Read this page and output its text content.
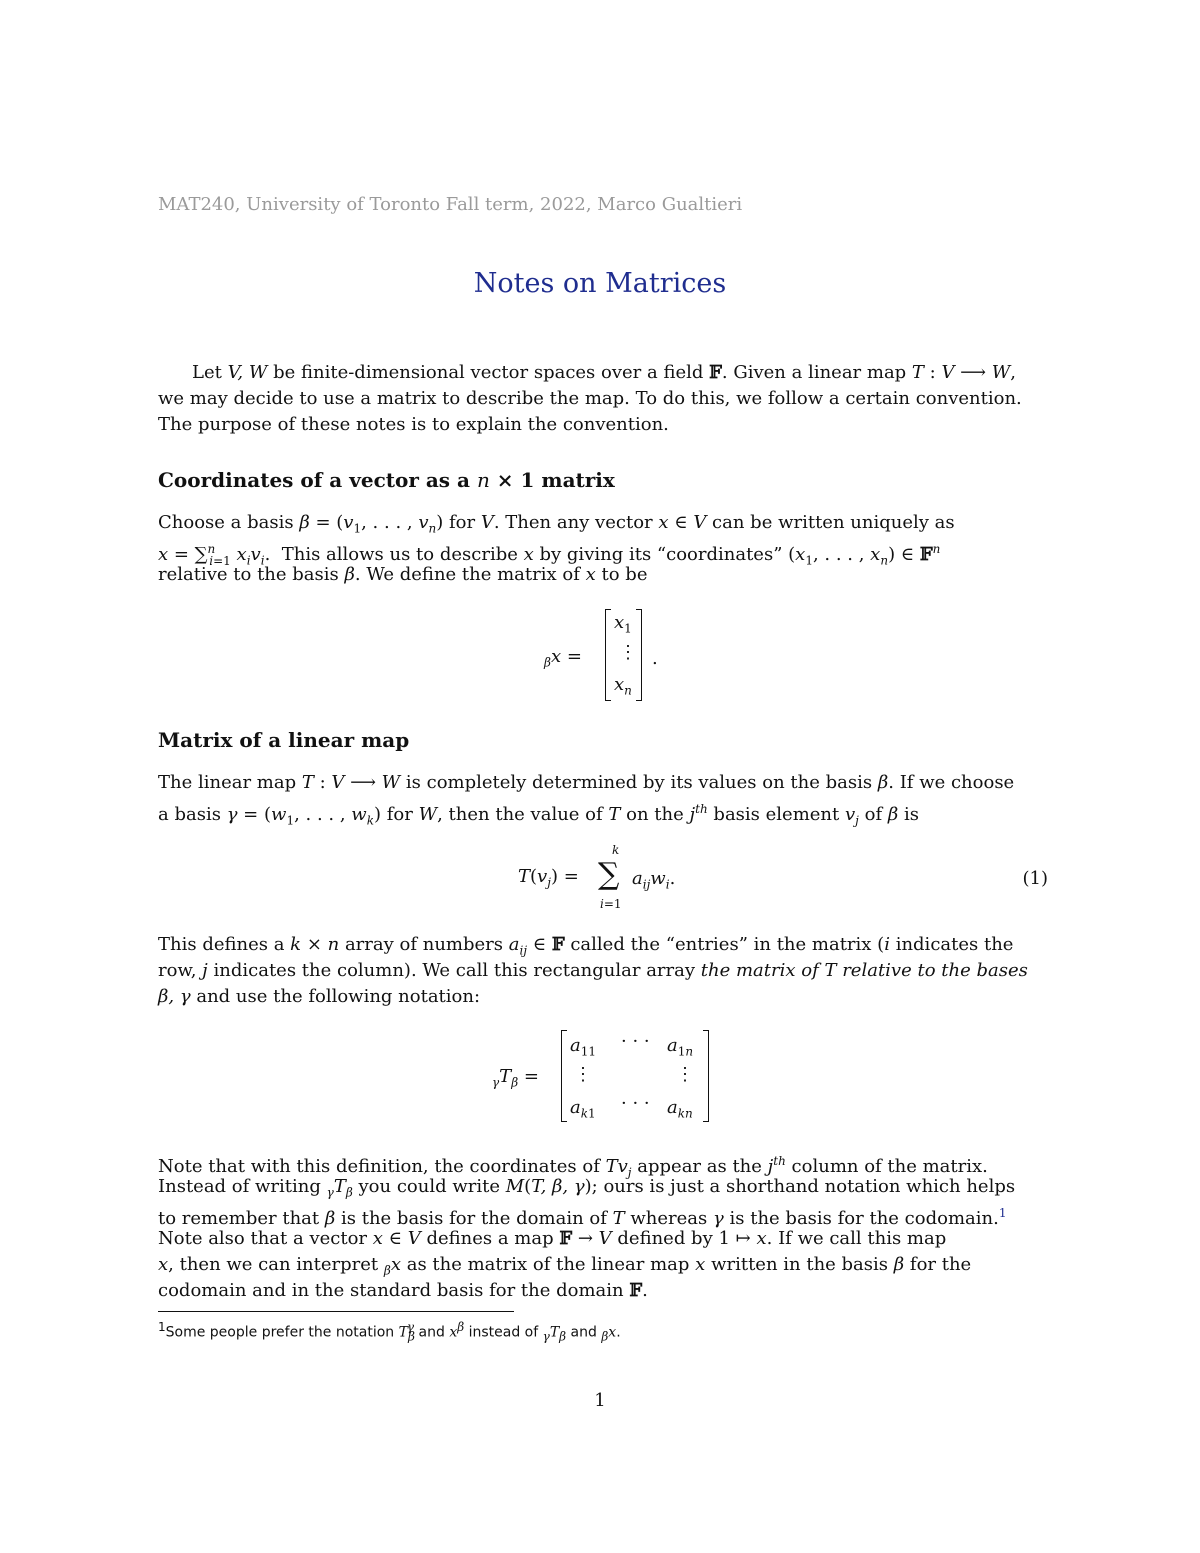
MAT240, University of Toronto Fall term, 2022, Marco Gualtieri
Notes on Matrices
Let V, W be finite-dimensional vector spaces over a field 𝔽. Given a linear map T : V ⟶ W,
we may decide to use a matrix to describe the map. To do this, we follow a certain convention.
The purpose of these notes is to explain the convention.
Coordinates of a vector as a n × 1 matrix
Choose a basis $\beta = (v_1$, . . . , $v_n$) for V. Then any vector x ∈ V can be written uniquely as
x = ∑$^n_{i=1}$ $x_iv_i$.  This allows us to describe x by giving its “coordinates” ($x_1$, . . . , $x_n$) ∈ 𝔽$^n$
relative to the basis β. We define the matrix of x to be
$_\beta$x =
$x_1$
⋮
$x_n$
.
Matrix of a linear map
The linear map T : V ⟶ W is completely determined by its values on the basis β. If we choose
a basis $\gamma = (w_1$, . . . , $w_k$) for W, then the value of T on the $j^{th}$ basis element $v_j$ of β is
$T(v_j)$ =
k
∑
i=1
$a_{ij}w_i$.	(1)
This defines a k × n array of numbers $a_{ij}$ ∈ 𝔽 called the “entries” in the matrix (i indicates the
row, j indicates the column). We call this rectangular array the matrix of T relative to the bases
β, γ and use the following notation:
$_\gamma T_\beta$ =
$a_{11}$ · · · $a_{1n}$
⋮	⋮
$a_{k1}$ · · · $a_{kn}$
Note that with this definition, the coordinates of $Tv_j$ appear as the $j^{th}$ column of the matrix.
Instead of writing $_\gamma T_\beta$ you could write M(T, β, γ); ours is just a shorthand notation which helps
to remember that β is the basis for the domain of T whereas γ is the basis for the codomain.$^1$
Note also that a vector x ∈ V defines a map 𝔽 → V defined by 1 ↦ x. If we call this map
x, then we can interpret $_\beta$x as the matrix of the linear map x written in the basis β for the
codomain and in the standard basis for the domain 𝔽.
$^1$Some people prefer the notation $T_\beta^\gamma$ and $x^\beta$ instead of $_\gamma T_\beta$ and $_\beta$x.
1
